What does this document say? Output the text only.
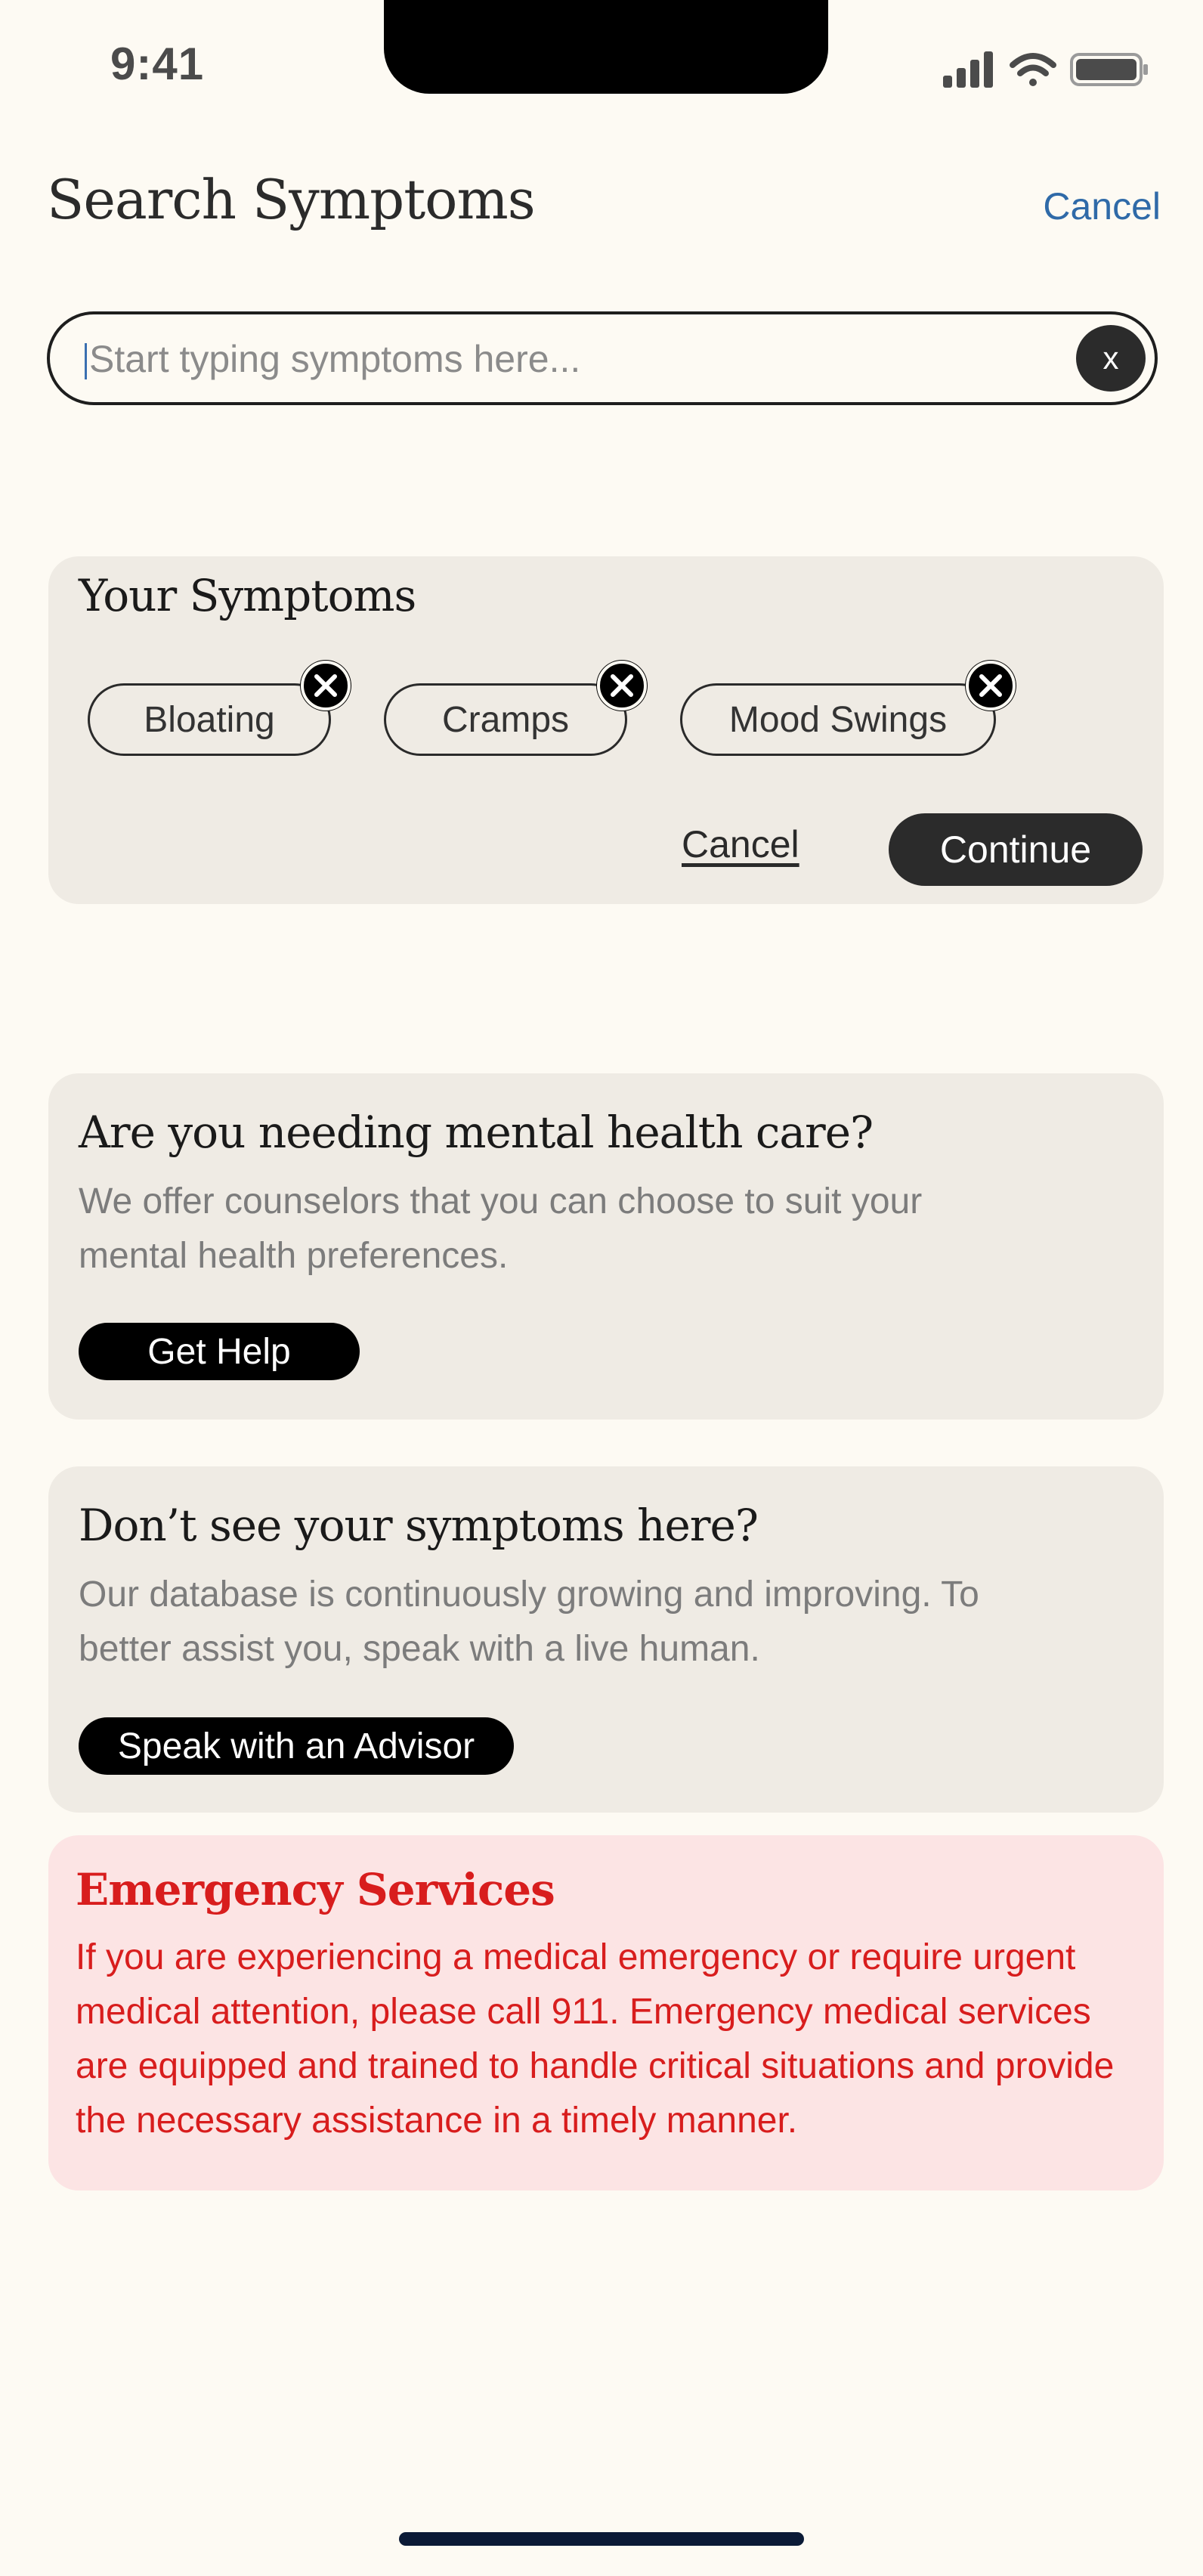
9:41
Search Symptoms	Cancel
Start typing symptoms here...
x
Your Symptoms
Bloating	Cramps	Mood Swings
Cancel	Continue
Are you needing mental health care?
We offer counselors that you can choose to suit your mental health preferences.
Get Help
Don’t see your symptoms here?
Our database is continuously growing and improving. To better assist you, speak with a live human.
Speak with an Advisor
Emergency Services
If you are experiencing a medical emergency or require urgent medical attention, please call 911. Emergency medical services are equipped and trained to handle critical situations and provide the necessary assistance in a timely manner.
